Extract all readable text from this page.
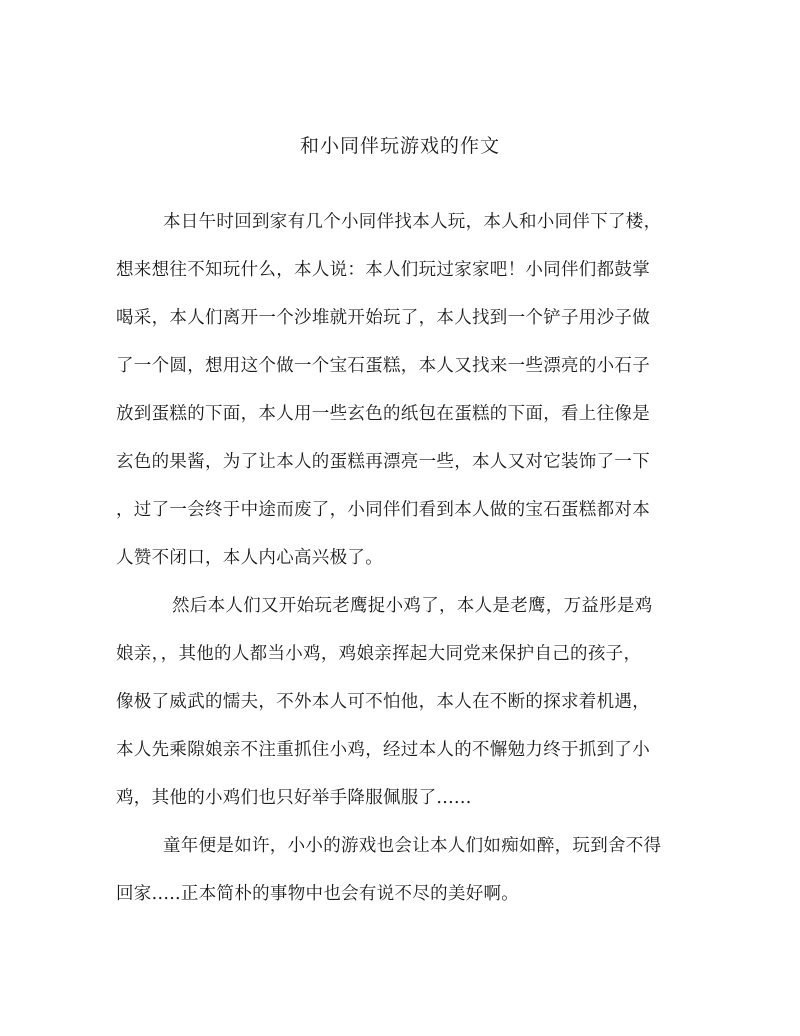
和小同伴玩游戏的作文
本日午时回到家有几个小同伴找本人玩，本人和小同伴下了楼，
想来想往不知玩什么，本人说：本人们玩过家家吧！小同伴们都鼓掌
喝采，本人们离开一个沙堆就开始玩了，本人找到一个铲子用沙子做
了一个圆，想用这个做一个宝石蛋糕，本人又找来一些漂亮的小石子
放到蛋糕的下面，本人用一些玄色的纸包在蛋糕的下面，看上往像是
玄色的果酱，为了让本人的蛋糕再漂亮一些，本人又对它装饰了一下
，过了一会终于中途而废了，小同伴们看到本人做的宝石蛋糕都对本
人赞不闭口，本人内心高兴极了。
然后本人们又开始玩老鹰捉小鸡了，本人是老鹰，万益彤是鸡
娘亲，，其他的人都当小鸡，鸡娘亲挥起大同党来保护自己的孩子，
像极了威武的懦夫，不外本人可不怕他，本人在不断的探求着机遇，
本人先乘隙娘亲不注重抓住小鸡，经过本人的不懈勉力终于抓到了小
鸡，其他的小鸡们也只好举手降服佩服了......
童年便是如许，小小的游戏也会让本人们如痴如醉，玩到舍不得
回家.....正本简朴的事物中也会有说不尽的美好啊。
